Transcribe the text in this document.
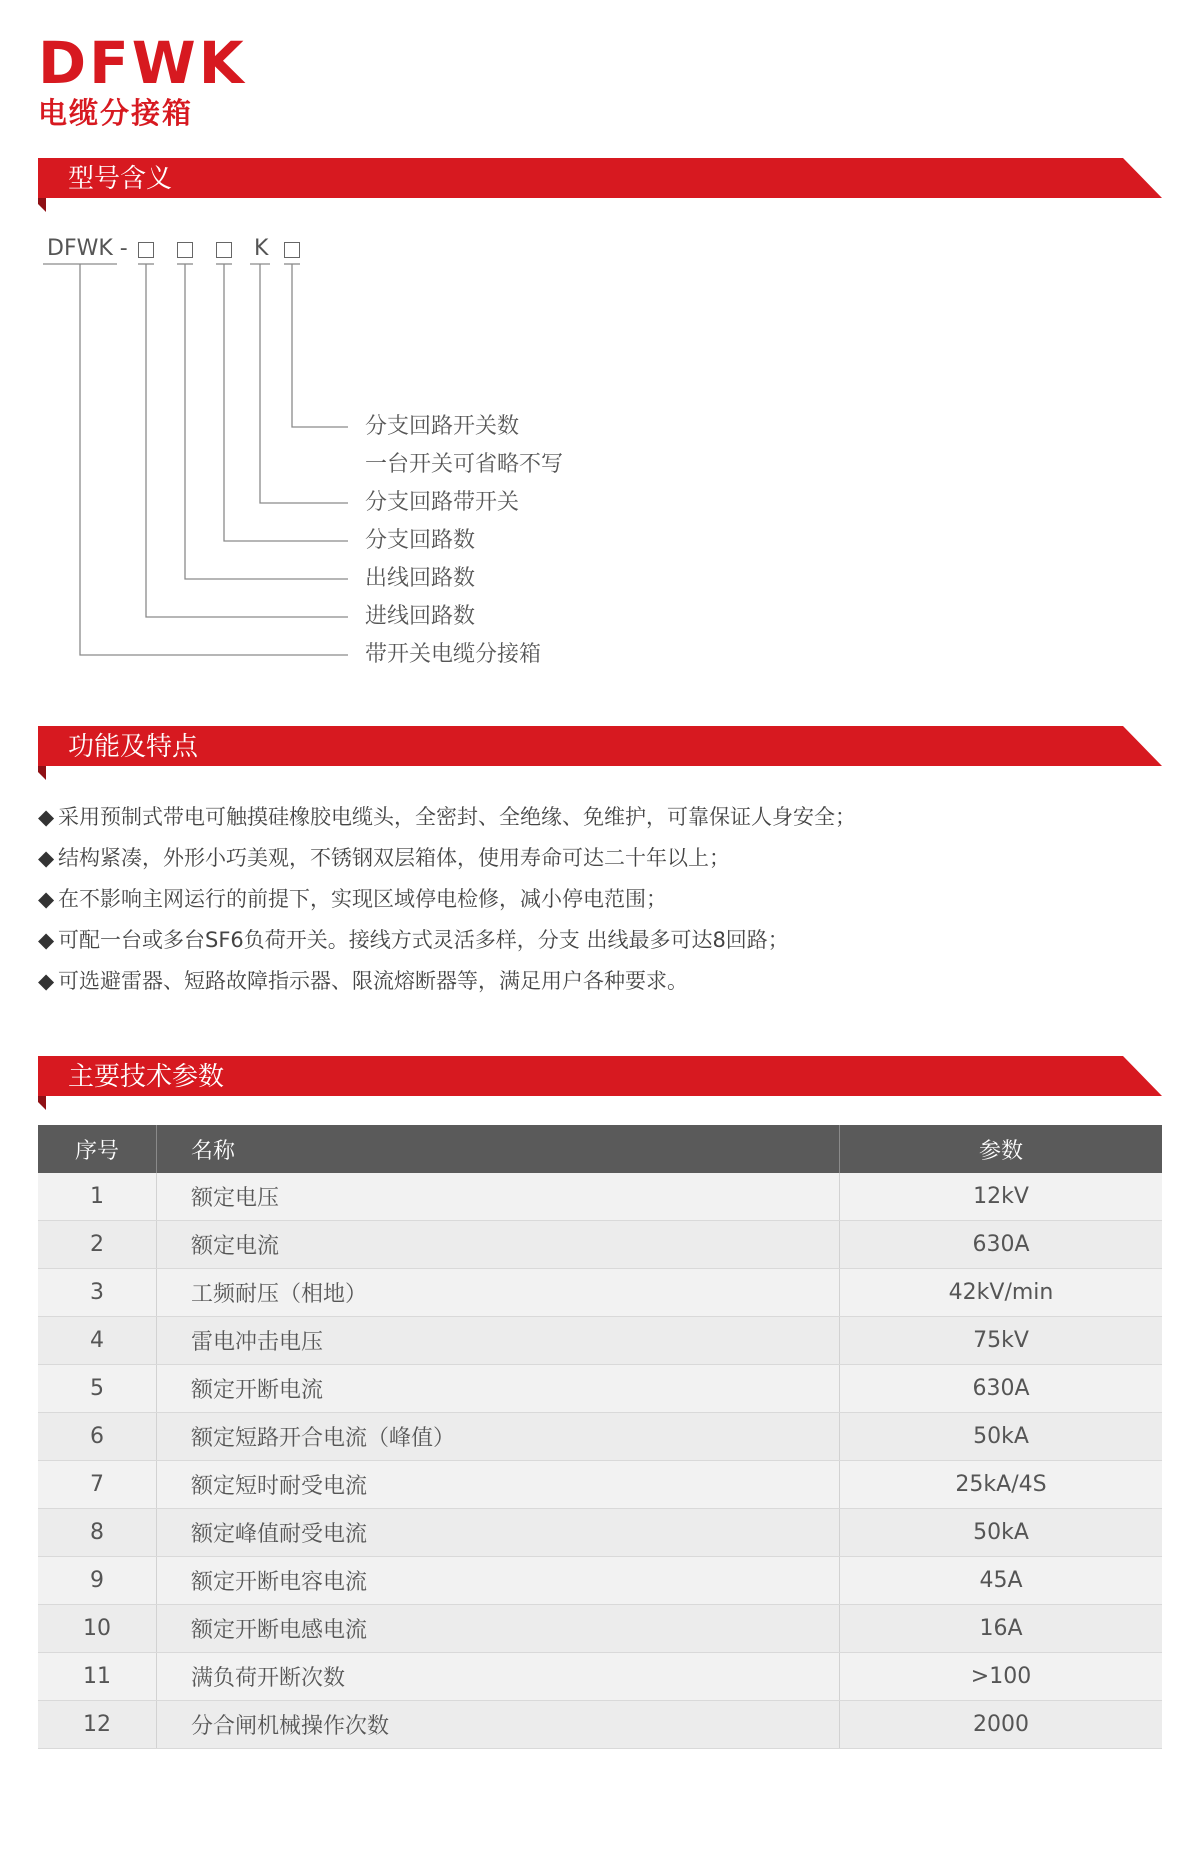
DFWK
电缆分接箱
型号含义
DFWK -	K
分支回路开关数
一台开关可省略不写
分支回路带开关
分支回路数
出线回路数
进线回路数
带开关电缆分接箱
功能及特点
◆ 采用预制式带电可触摸硅橡胶电缆头，全密封、全绝缘、免维护，可靠保证人身安全；
◆ 结构紧凑，外形小巧美观，不锈钢双层箱体，使用寿命可达二十年以上；
◆ 在不影响主网运行的前提下，实现区域停电检修，减小停电范围；
◆ 可配一台或多台SF6负荷开关。接线方式灵活多样，分支 出线最多可达8回路；
◆ 可选避雷器、短路故障指示器、限流熔断器等，满足用户各种要求。
主要技术参数
序号	名称	参数
1	额定电压	12kV
2	额定电流	630A
3	工频耐压（相地）	42kV/min
4	雷电冲击电压	75kV
5	额定开断电流	630A
6	额定短路开合电流（峰值）	50kA
7	额定短时耐受电流	25kA/4S
8	额定峰值耐受电流	50kA
9	额定开断电容电流	45A
10	额定开断电感电流	16A
11	满负荷开断次数	>100
12	分合闸机械操作次数	2000
